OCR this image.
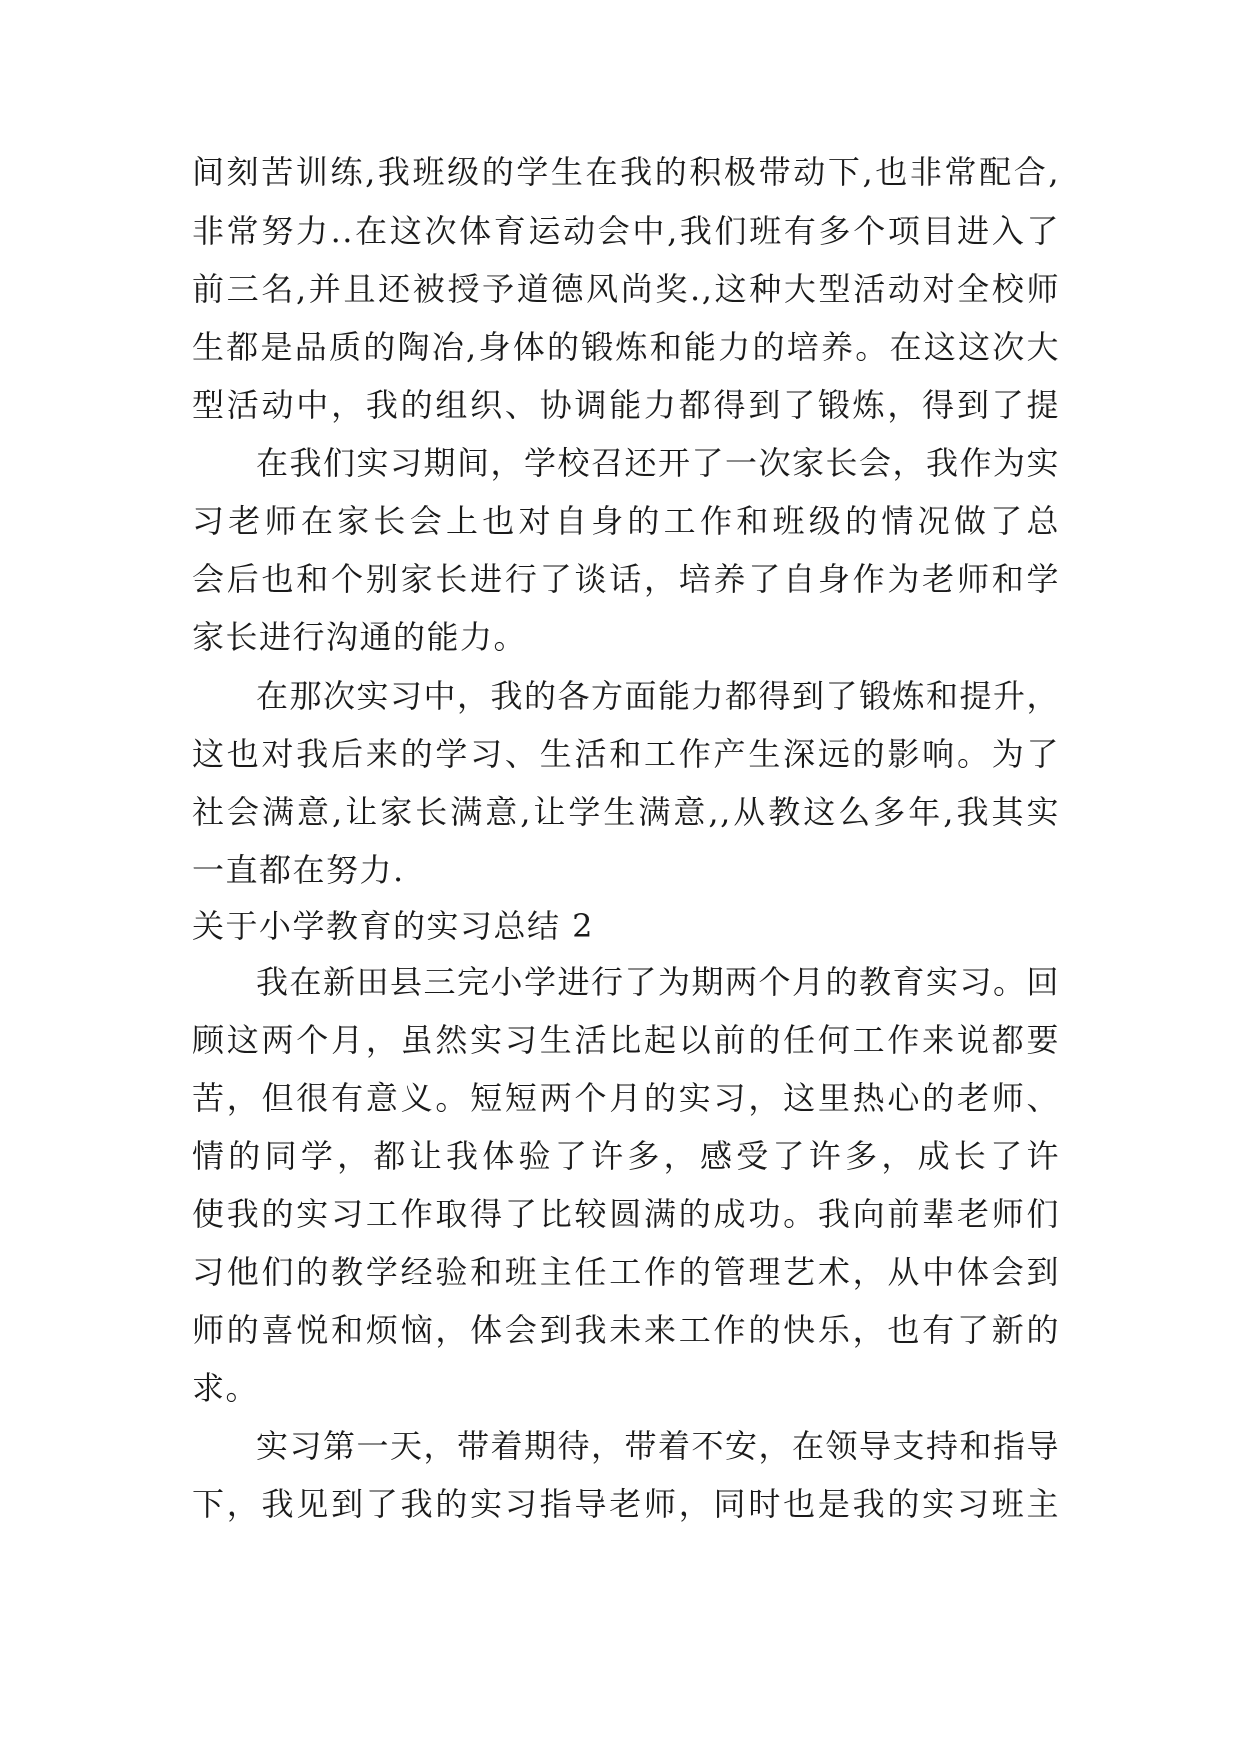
间刻苦训练,我班级的学生在我的积极带动下,也非常配合,
非常努力..在这次体育运动会中,我们班有多个项目进入了
前三名,并且还被授予道德风尚奖.,这种大型活动对全校师
生都是品质的陶冶,身体的锻炼和能力的培养。在这这次大
型活动中，我的组织、协调能力都得到了锻炼，得到了提
在我们实习期间，学校召还开了一次家长会，我作为实
习老师在家长会上也对自身的工作和班级的情况做了总
会后也和个别家长进行了谈话，培养了自身作为老师和学
家长进行沟通的能力。
在那次实习中，我的各方面能力都得到了锻炼和提升，
这也对我后来的学习、生活和工作产生深远的影响。为了
社会满意,让家长满意,让学生满意,,从教这么多年,我其实
一直都在努力.
关于小学教育的实习总结 2
我在新田县三完小学进行了为期两个月的教育实习。回
顾这两个月，虽然实习生活比起以前的任何工作来说都要
苦，但很有意义。短短两个月的实习，这里热心的老师、
情的同学，都让我体验了许多，感受了许多，成长了许
使我的实习工作取得了比较圆满的成功。我向前辈老师们
习他们的教学经验和班主任工作的管理艺术，从中体会到
师的喜悦和烦恼，体会到我未来工作的快乐，也有了新的
求。
实习第一天，带着期待，带着不安，在领导支持和指导
下，我见到了我的实习指导老师，同时也是我的实习班主
